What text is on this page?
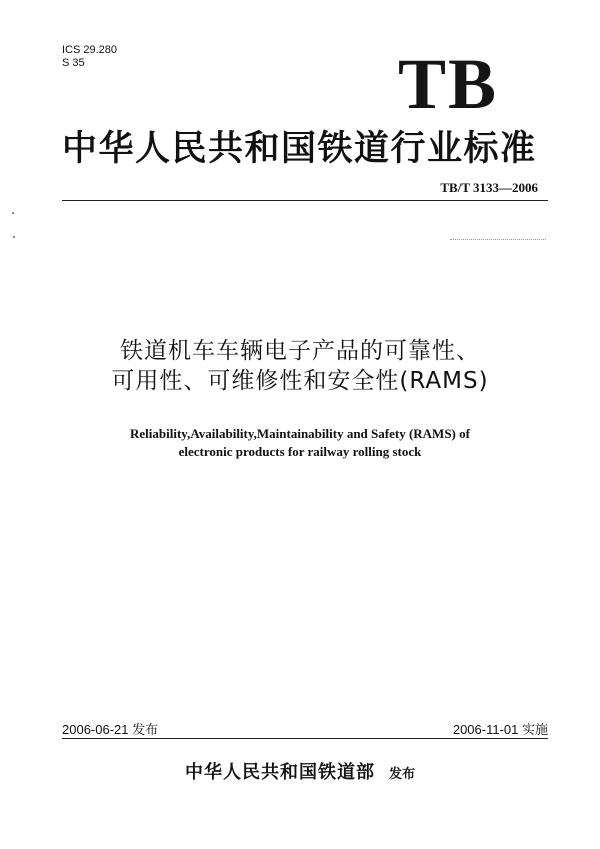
ICS 29.280
S 35	TB
中华人民共和国铁道行业标准
TB/T 3133—2006
铁道机车车辆电子产品的可靠性、
可用性、可维修性和安全性(RAMS)
Reliability,Availability,Maintainability and Safety (RAMS) of
electronic products for railway rolling stock
2006-06-21 发布	2006-11-01 实施
中华人民共和国铁道部 发布
